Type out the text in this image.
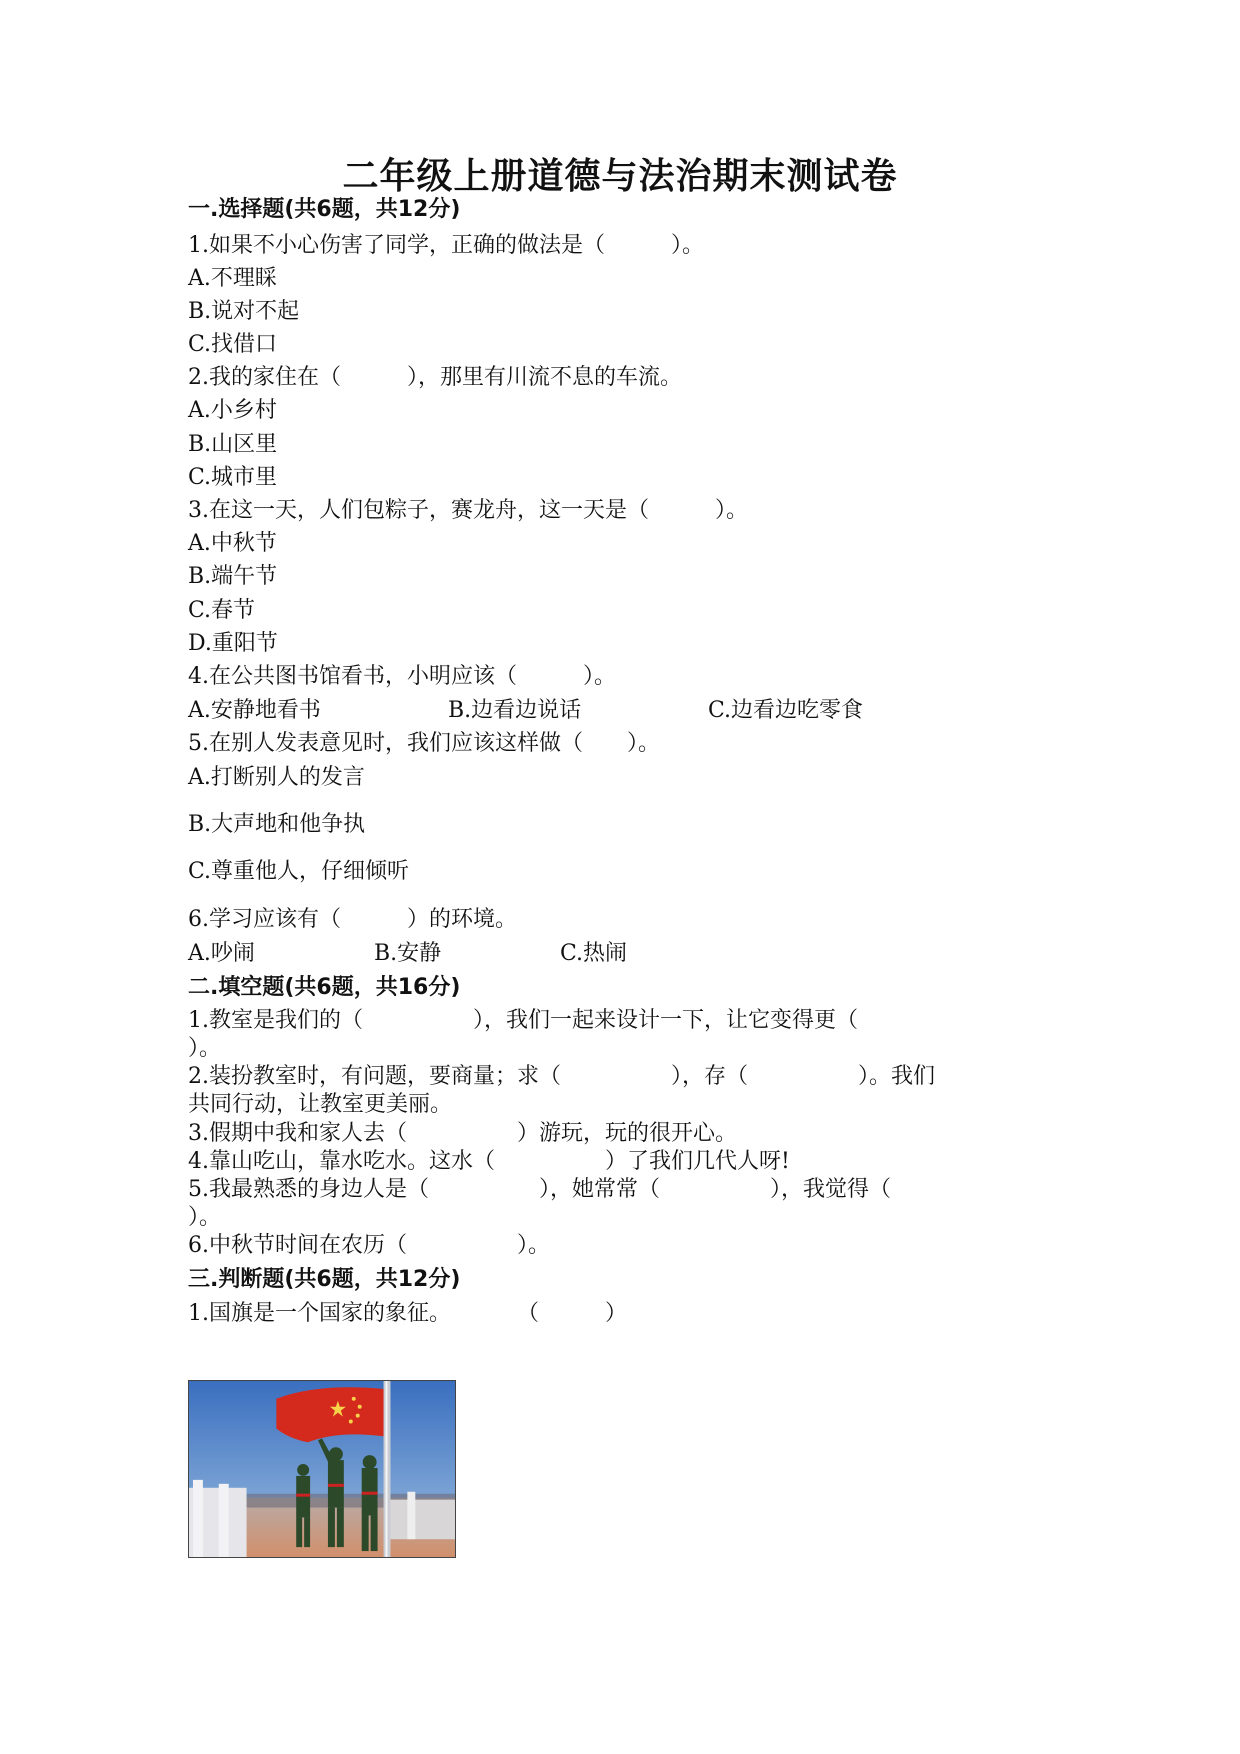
二年级上册道德与法治期末测试卷
一.选择题(共6题，共12分)
1.如果不小心伤害了同学，正确的做法是（　　　）。
A.不理睬
B.说对不起
C.找借口
2.我的家住在（　　　），那里有川流不息的车流。
A.小乡村
B.山区里
C.城市里
3.在这一天，人们包粽子，赛龙舟，这一天是（　　　）。
A.中秋节
B.端午节
C.春节
D.重阳节
4.在公共图书馆看书，小明应该（　　　）。
A.安静地看书	B.边看边说话	C.边看边吃零食
5.在别人发表意见时，我们应该这样做（　　）。
A.打断别人的发言
B.大声地和他争执
C.尊重他人，仔细倾听
6.学习应该有（　　　）的环境。
A.吵闹	B.安静	C.热闹
二.填空题(共6题，共16分)
1.教室是我们的（　　　　　），我们一起来设计一下，让它变得更（
）。
2.装扮教室时，有问题，要商量；求（　　　　　），存（　　　　　）。我们
共同行动，让教室更美丽。
3.假期中我和家人去（　　　　　）游玩，玩的很开心。
4.靠山吃山，靠水吃水。这水（　　　　　）了我们几代人呀!
5.我最熟悉的身边人是（　　　　　），她常常（　　　　　），我觉得（
）。
6.中秋节时间在农历（　　　　　）。
三.判断题(共6题，共12分)
1.国旗是一个国家的象征。　　　　（　　　）
